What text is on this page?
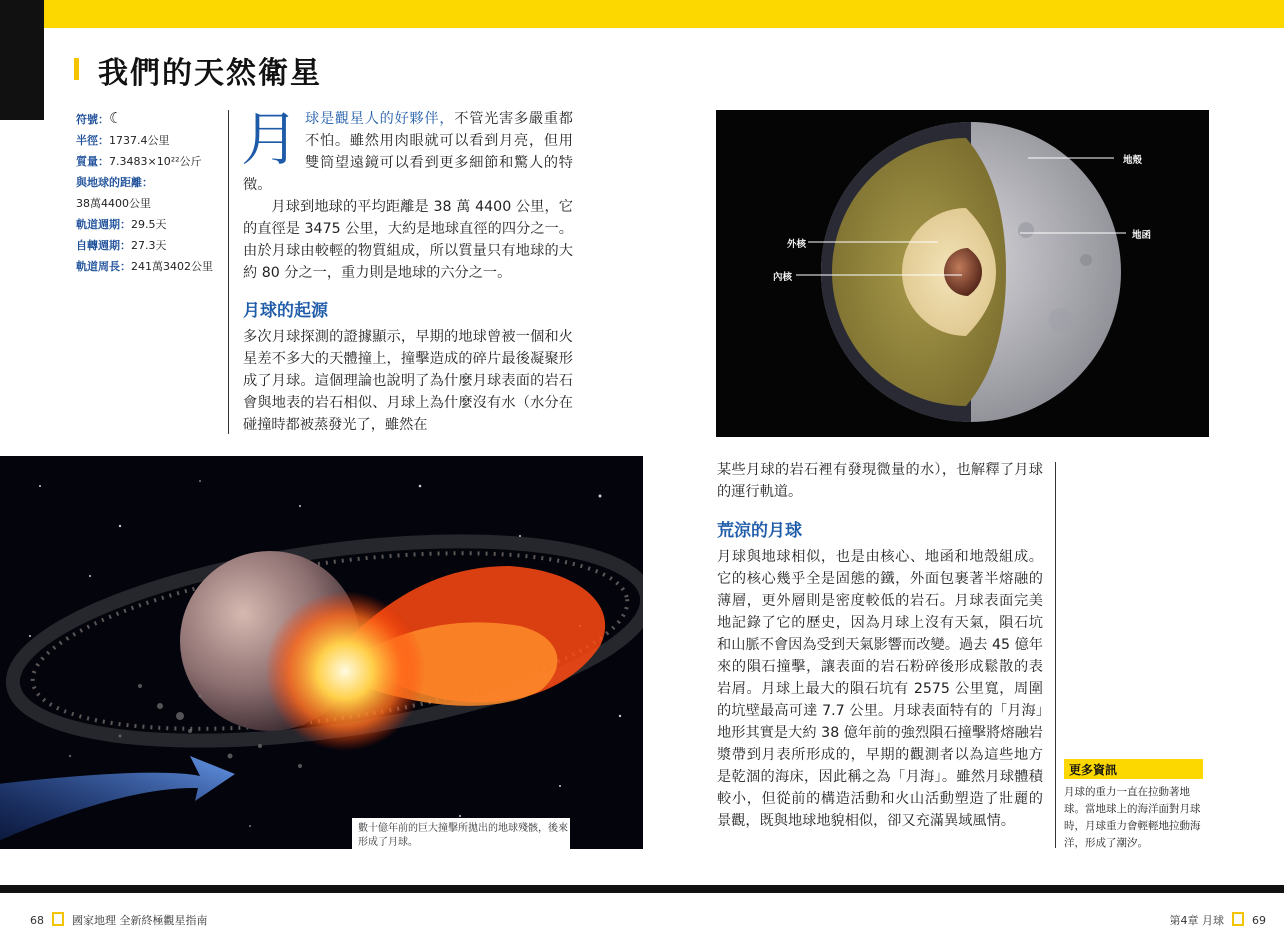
我們的天然衛星
符號：☾
半徑：1737.4公里
質量：7.3483×10²²公斤
與地球的距離：
38萬4400公里
軌道週期：29.5天
自轉週期：27.3天
軌道周長：241萬3402公里

月球是觀星人的好夥伴，不管光害多嚴重都不怕。雖然用肉眼就可以看到月亮，但用雙筒望遠鏡可以看到更多細節和驚人的特徵。

月球到地球的平均距離是 38 萬 4400 公里，它的直徑是 3475 公里，大約是地球直徑的四分之一。由於月球由較輕的物質組成，所以質量只有地球的大約 80 分之一，重力則是地球的六分之一。

月球的起源

多次月球探測的證據顯示，早期的地球曾被一個和火星差不多大的天體撞上，撞擊造成的碎片最後凝聚形成了月球。這個理論也說明了為什麼月球表面的岩石會與地表的岩石相似、月球上為什麼沒有水（水分在碰撞時都被蒸發光了，雖然在

地殼
地函
外核
內核
數十億年前的巨大撞擊所拋出的地球殘骸，後來形成了月球。

某些月球的岩石裡有發現微量的水），也解釋了月球的運行軌道。

荒涼的月球

月球與地球相似，也是由核心、地函和地殼組成。它的核心幾乎全是固態的鐵，外面包裹著半熔融的薄層，更外層則是密度較低的岩石。月球表面完美地記錄了它的歷史，因為月球上沒有天氣，隕石坑和山脈不會因為受到天氣影響而改變。過去 45 億年來的隕石撞擊，讓表面的岩石粉碎後形成鬆散的表岩屑。月球上最大的隕石坑有 2575 公里寬，周圍的坑壁最高可達 7.7 公里。月球表面特有的「月海」地形其實是大約 38 億年前的強烈隕石撞擊將熔融岩漿帶到月表所形成的，早期的觀測者以為這些地方是乾涸的海床，因此稱之為「月海」。雖然月球體積較小，但從前的構造活動和火山活動塑造了壯麗的景觀，既與地球地貌相似，卻又充滿異域風情。

更多資訊
月球的重力一直在拉動著地球。當地球上的海洋面對月球時，月球重力會輕輕地拉動海洋，形成了潮汐。
68	國家地理 全新終極觀星指南	第4章 月球	69
